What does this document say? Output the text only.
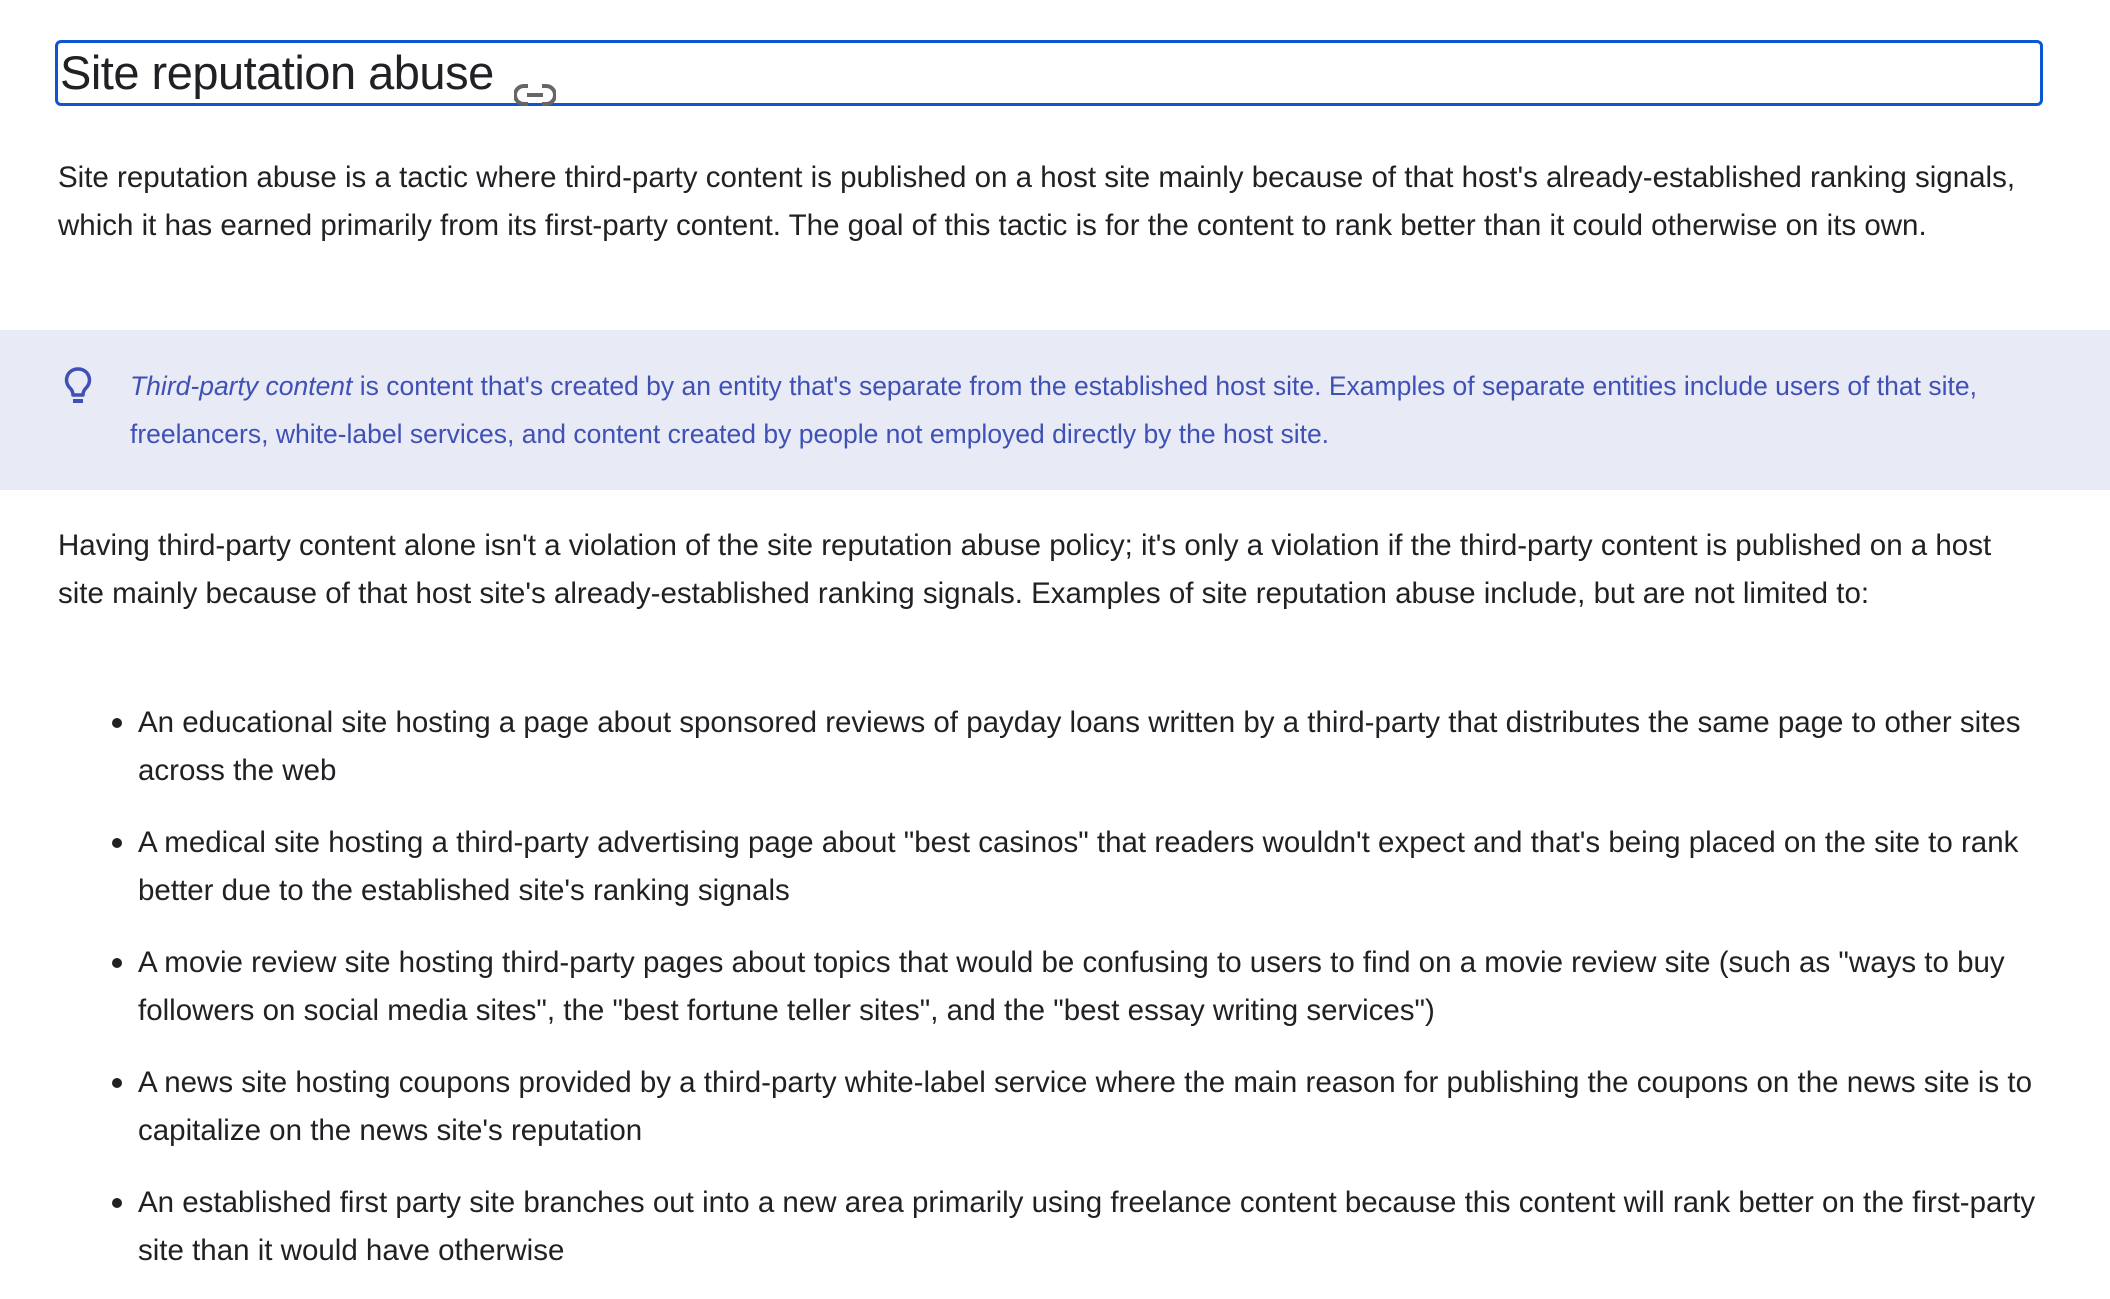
Site reputation abuse

Site reputation abuse is a tactic where third-party content is published on a host site mainly because of that host's already-established ranking signals, which it has earned primarily from its first-party content. The goal of this tactic is for the content to rank better than it could otherwise on its own.

Third-party content is content that's created by an entity that's separate from the established host site. Examples of separate entities include users of that site, freelancers, white-label services, and content created by people not employed directly by the host site.

Having third-party content alone isn't a violation of the site reputation abuse policy; it's only a violation if the third-party content is published on a host site mainly because of that host site's already-established ranking signals. Examples of site reputation abuse include, but are not limited to:

An educational site hosting a page about sponsored reviews of payday loans written by a third-party that distributes the same page to other sites across the web
A medical site hosting a third-party advertising page about "best casinos" that readers wouldn't expect and that's being placed on the site to rank better due to the established site's ranking signals
A movie review site hosting third-party pages about topics that would be confusing to users to find on a movie review site (such as "ways to buy followers on social media sites", the "best fortune teller sites", and the "best essay writing services")
A news site hosting coupons provided by a third-party white-label service where the main reason for publishing the coupons on the news site is to capitalize on the news site's reputation
An established first party site branches out into a new area primarily using freelance content because this content will rank better on the first-party site than it would have otherwise
